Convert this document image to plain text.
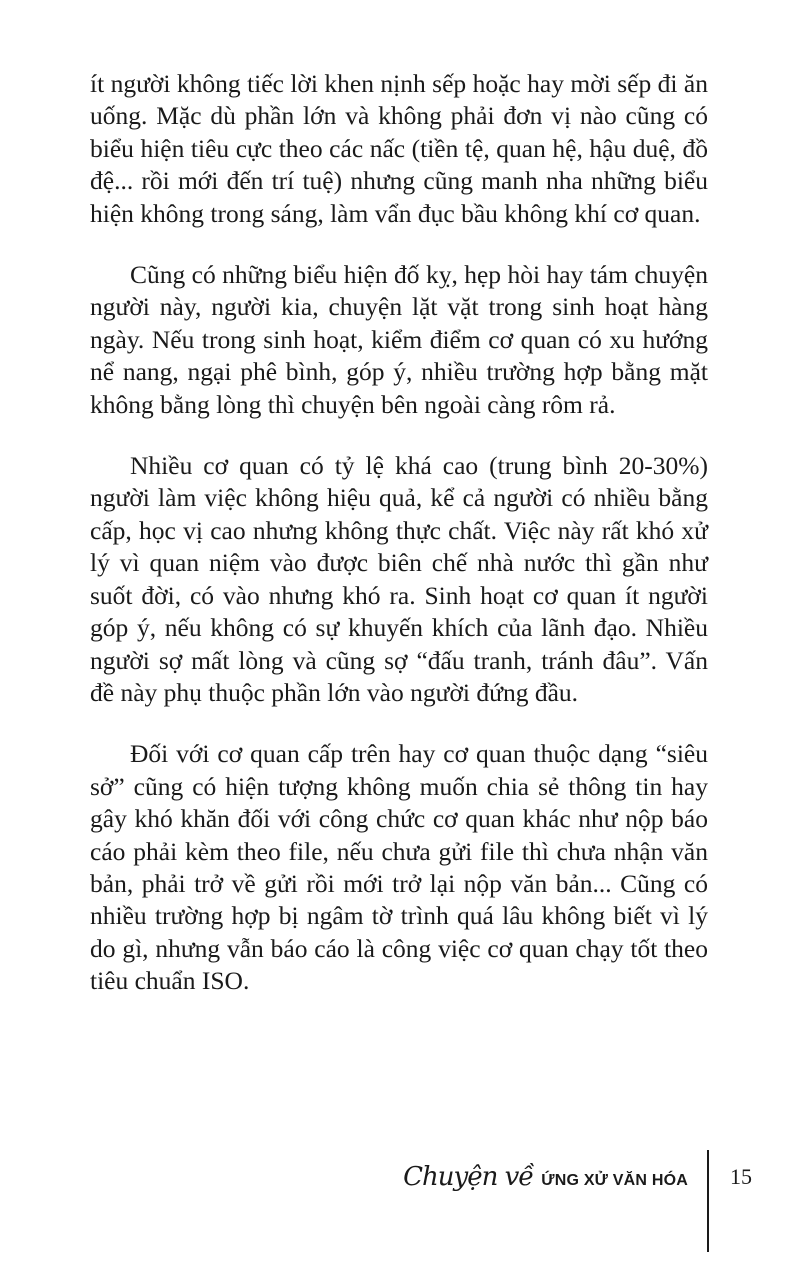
ít người không tiếc lời khen nịnh sếp hoặc hay mời sếp đi ăn uống. Mặc dù phần lớn và không phải đơn vị nào cũng có biểu hiện tiêu cực theo các nấc (tiền tệ, quan hệ, hậu duệ, đồ đệ... rồi mới đến trí tuệ) nhưng cũng manh nha những biểu hiện không trong sáng, làm vẩn đục bầu không khí cơ quan.

Cũng có những biểu hiện đố kỵ, hẹp hòi hay tám chuyện người này, người kia, chuyện lặt vặt trong sinh hoạt hàng ngày. Nếu trong sinh hoạt, kiểm điểm cơ quan có xu hướng nể nang, ngại phê bình, góp ý, nhiều trường hợp bằng mặt không bằng lòng thì chuyện bên ngoài càng rôm rả.

Nhiều cơ quan có tỷ lệ khá cao (trung bình 20-30%) người làm việc không hiệu quả, kể cả người có nhiều bằng cấp, học vị cao nhưng không thực chất. Việc này rất khó xử lý vì quan niệm vào được biên chế nhà nước thì gần như suốt đời, có vào nhưng khó ra. Sinh hoạt cơ quan ít người góp ý, nếu không có sự khuyến khích của lãnh đạo. Nhiều người sợ mất lòng và cũng sợ “đấu tranh, tránh đâu”. Vấn đề này phụ thuộc phần lớn vào người đứng đầu.

Đối với cơ quan cấp trên hay cơ quan thuộc dạng “siêu sở” cũng có hiện tượng không muốn chia sẻ thông tin hay gây khó khăn đối với công chức cơ quan khác như nộp báo cáo phải kèm theo file, nếu chưa gửi file thì chưa nhận văn bản, phải trở về gửi rồi mới trở lại nộp văn bản... Cũng có nhiều trường hợp bị ngâm tờ trình quá lâu không biết vì lý do gì, nhưng vẫn báo cáo là công việc cơ quan chạy tốt theo tiêu chuẩn ISO.

Chuyện về ỨNG XỬ VĂN HÓA 15
